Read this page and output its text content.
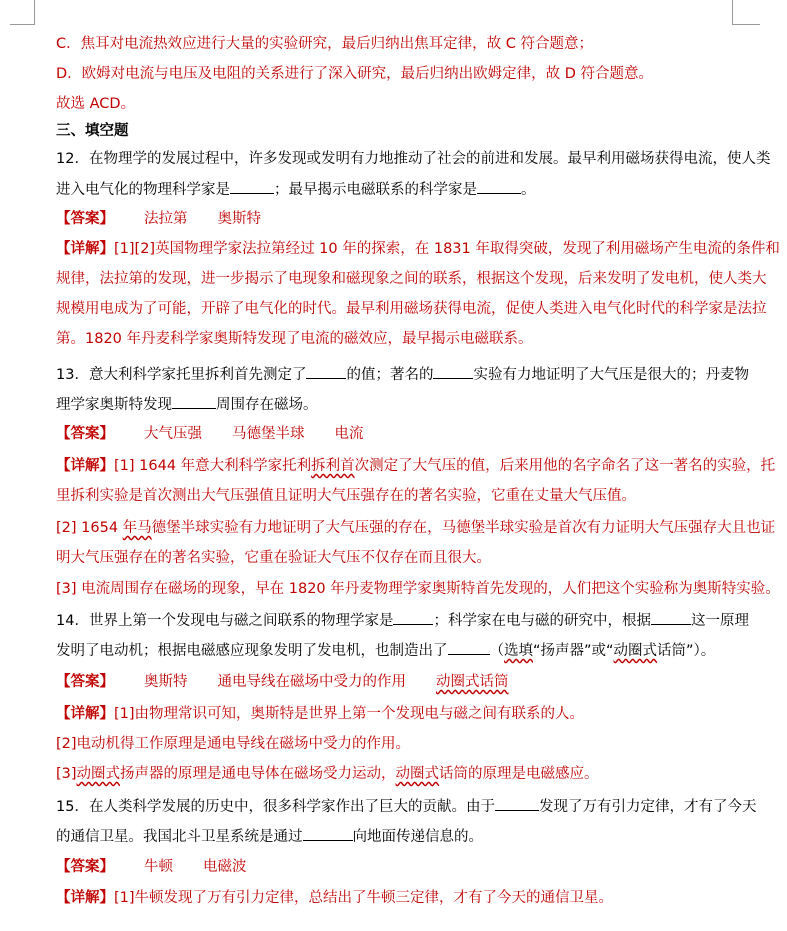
C．焦耳对电流热效应进行大量的实验研究，最后归纳出焦耳定律，故 C 符合题意；
D．欧姆对电流与电压及电阻的关系进行了深入研究，最后归纳出欧姆定律，故 D 符合题意。
故选 ACD。
三、填空题
12．在物理学的发展过程中，许多发现或发明有力地推动了社会的前进和发展。最早利用磁场获得电流，使人类
进入电气化的物理科学家是	；最早揭示电磁联系的科学家是	。
【答案】 法拉第 奥斯特
【详解】[1][2]英国物理学家法拉第经过 10 年的探索，在 1831 年取得突破，发现了利用磁场产生电流的条件和
规律，法拉第的发现，进一步揭示了电现象和磁现象之间的联系，根据这个发现，后来发明了发电机，使人类大
规模用电成为了可能，开辟了电气化的时代。最早利用磁场获得电流，促使人类进入电气化时代的科学家是法拉
第。1820 年丹麦科学家奥斯特发现了电流的磁效应，最早揭示电磁联系。
13．意大利科学家托里拆利首先测定了	的值；著名的	实验有力地证明了大气压是很大的；丹麦物
理学家奥斯特发现	周围存在磁场。
【答案】 大气压强 马德堡半球 电流
【详解】[1] 1644 年意大利科学家托利拆利首次测定了大气压的值，后来用他的名字命名了这一著名的实验，托
里拆利实验是首次测出大气压强值且证明大气压强存在的著名实验，它重在丈量大气压值。
[2] 1654 年马德堡半球实验有力地证明了大气压强的存在，马德堡半球实验是首次有力证明大气压强存大且也证
明大气压强存在的著名实验，它重在验证大气压不仅存在而且很大。
[3] 电流周围存在磁场的现象，早在 1820 年丹麦物理学家奥斯特首先发现的，人们把这个实验称为奥斯特实验。
14．世界上第一个发现电与磁之间联系的物理学家是	；科学家在电与磁的研究中，根据	这一原理
发明了电动机；根据电磁感应现象发明了发电机，也制造出了	（选填“扬声器”或“动圈式话筒”）。
【答案】 奥斯特 通电导线在磁场中受力的作用 动圈式话筒
【详解】[1]由物理常识可知，奥斯特是世界上第一个发现电与磁之间有联系的人。
[2]电动机得工作原理是通电导线在磁场中受力的作用。
[3]动圈式扬声器的原理是通电导体在磁场受力运动，动圈式话筒的原理是电磁感应。
15．在人类科学发展的历史中，很多科学家作出了巨大的贡献。由于	发现了万有引力定律，才有了今天
的通信卫星。我国北斗卫星系统是通过	向地面传递信息的。
【答案】 牛顿 电磁波
【详解】[1]牛顿发现了万有引力定律，总结出了牛顿三定律，才有了今天的通信卫星。
